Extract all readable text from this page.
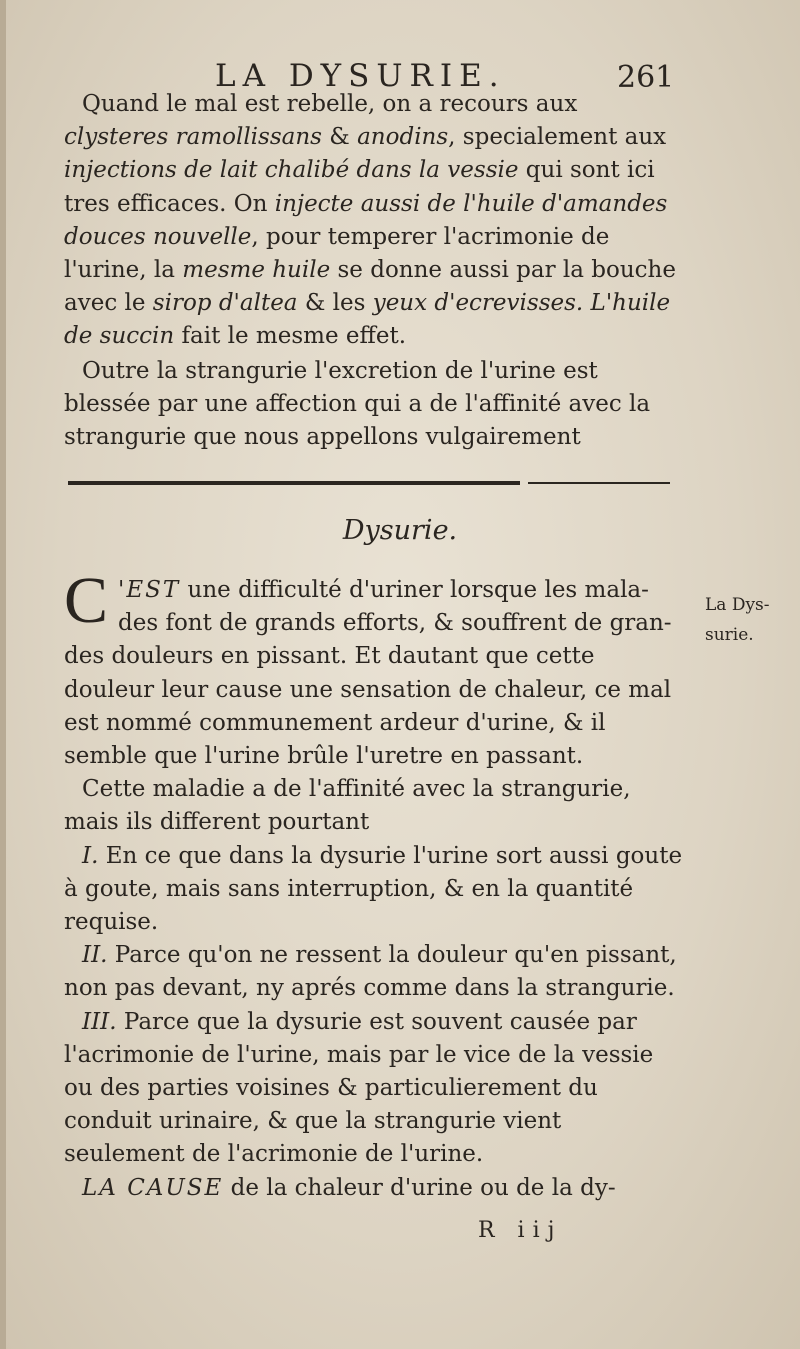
LA DYSURIE.	261

Quand le mal est rebelle, on a recours aux clysteres ramollissans & anodins, specialement aux injections de lait chalibé dans la vessie qui sont ici tres efficaces. On injecte aussi de l'huile d'amandes douces nouvelle, pour temperer l'acrimonie de l'urine, la mesme huile se donne aussi par la bouche avec le sirop d'altea & les yeux d'ecrevisses. L'huile de succin fait le mesme effet.

Outre la strangurie l'excretion de l'urine est blessée par une affection qui a de l'affinité avec la strangurie que nous appellons vulgairement

Dysurie.
La Dys-
surie.
C 'EST une difficulté d'uriner lorsque les mala-
des font de grands efforts, & souffrent de gran-
des douleurs en pissant. Et dautant que cette douleur leur cause une sensation de chaleur, ce mal est nommé communement ardeur d'urine, & il semble que l'urine brûle l'uretre en passant.

Cette maladie a de l'affinité avec la strangurie, mais ils different pourtant

I. En ce que dans la dysurie l'urine sort aussi goute à goute, mais sans interruption, & en la quantité requise.

II. Parce qu'on ne ressent la douleur qu'en pissant, non pas devant, ny aprés comme dans la strangurie.

III. Parce que la dysurie est souvent causée par l'acrimonie de l'urine, mais par le vice de la vessie ou des parties voisines & particulierement du conduit urinaire, & que la strangurie vient seulement de l'acrimonie de l'urine.

LA CAUSE de la chaleur d'urine ou de la dy-

R iij
